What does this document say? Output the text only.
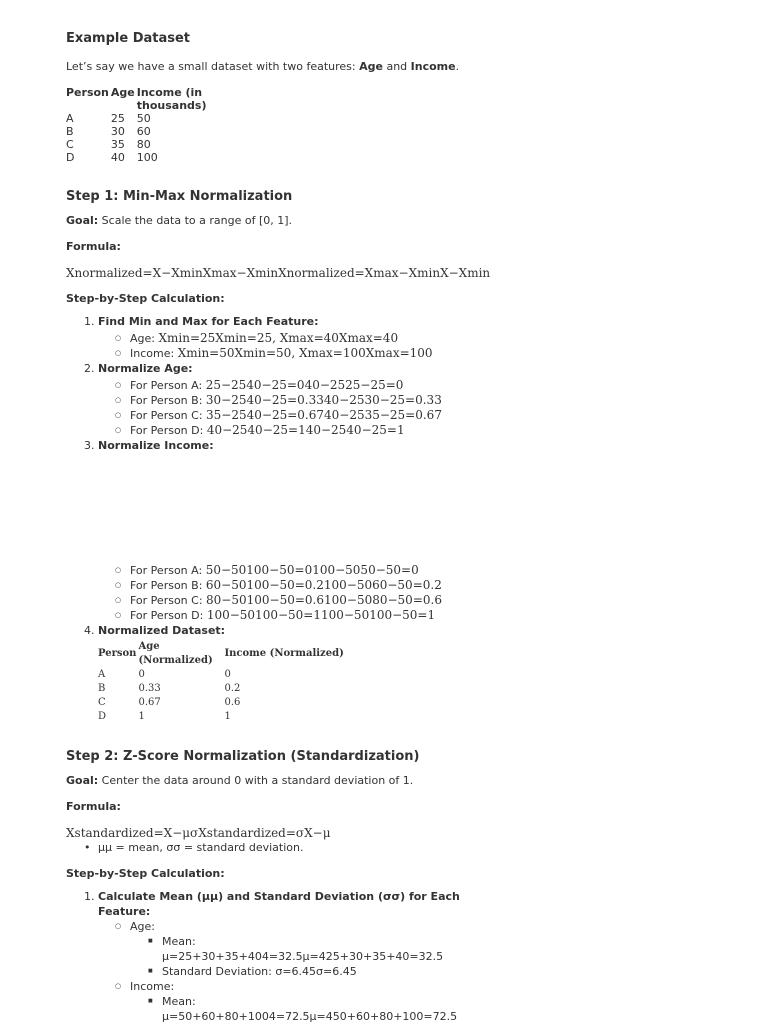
Example Dataset

Let’s say we have a small dataset with two features: Age and Income.

Person	Age	Income (in thousands)
A	25	50
B	30	60
C	35	80
D	40	100
Step 1: Min-Max Normalization

Goal: Scale the data to a range of [0, 1].

Formula:

Xnormalized=X−XminXmax−XminXnormalized=Xmax−XminX−Xmin

Step-by-Step Calculation:

1. Find Min and Max for Each Feature:
○ Age: Xmin=25Xmin=25, Xmax=40Xmax=40
○ Income: Xmin=50Xmin=50, Xmax=100Xmax=100
2. Normalize Age:
○ For Person A: 25−2540−25=040−2525−25=0
○ For Person B: 30−2540−25=0.3340−2530−25=0.33
○ For Person C: 35−2540−25=0.6740−2535−25=0.67
○ For Person D: 40−2540−25=140−2540−25=1
3. Normalize Income:
○ For Person A: 50−50100−50=0100−5050−50=0
○ For Person B: 60−50100−50=0.2100−5060−50=0.2
○ For Person C: 80−50100−50=0.6100−5080−50=0.6
○ For Person D: 100−50100−50=1100−50100−50=1
4. Normalized Dataset:
Person	Age (Normalized)	Income (Normalized)
A	0	0
B	0.33	0.2
C	0.67	0.6
D	1	1
Step 2: Z-Score Normalization (Standardization)

Goal: Center the data around 0 with a standard deviation of 1.

Formula:

Xstandardized=X−μσXstandardized=σX−μ

• μμ = mean, σσ = standard deviation.

Step-by-Step Calculation:

1. Calculate Mean (μμ) and Standard Deviation (σσ) for Each Feature:
○ Age:
■ Mean: μ=25+30+35+404=32.5μ=425+30+35+40=32.5
■ Standard Deviation: σ=6.45σ=6.45
○ Income:
■ Mean: μ=50+60+80+1004=72.5μ=450+60+80+100=72.5
